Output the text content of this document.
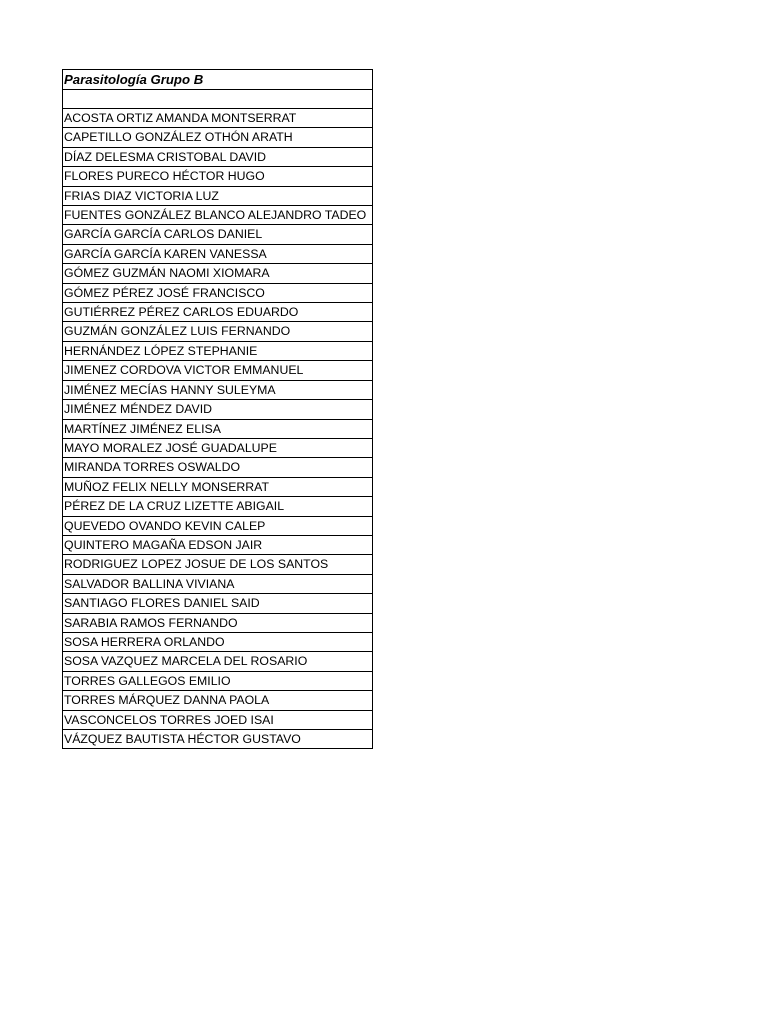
Parasitología Grupo B

ACOSTA ORTIZ AMANDA MONTSERRAT
CAPETILLO GONZÁLEZ OTHÓN ARATH
DÍAZ DELESMA CRISTOBAL DAVID
FLORES PURECO HÉCTOR HUGO
FRIAS DIAZ VICTORIA LUZ
FUENTES GONZÁLEZ BLANCO ALEJANDRO TADEO
GARCÍA GARCÍA CARLOS DANIEL
GARCÍA GARCÍA KAREN VANESSA
GÓMEZ GUZMÁN NAOMI XIOMARA
GÓMEZ PÉREZ JOSÉ FRANCISCO
GUTIÉRREZ PÉREZ CARLOS EDUARDO
GUZMÁN GONZÁLEZ LUIS FERNANDO
HERNÁNDEZ LÓPEZ STEPHANIE
JIMENEZ CORDOVA VICTOR EMMANUEL
JIMÉNEZ MECÍAS HANNY SULEYMA
JIMÉNEZ MÉNDEZ DAVID
MARTÍNEZ JIMÉNEZ ELISA
MAYO MORALEZ JOSÉ GUADALUPE
MIRANDA TORRES OSWALDO
MUÑOZ FELIX NELLY MONSERRAT
PÉREZ DE LA CRUZ LIZETTE ABIGAIL
QUEVEDO OVANDO KEVIN CALEP
QUINTERO MAGAÑA EDSON JAIR
RODRIGUEZ LOPEZ JOSUE DE LOS SANTOS
SALVADOR BALLINA VIVIANA
SANTIAGO FLORES DANIEL SAID
SARABIA RAMOS FERNANDO
SOSA HERRERA ORLANDO
SOSA VAZQUEZ MARCELA DEL ROSARIO
TORRES GALLEGOS EMILIO
TORRES MÁRQUEZ DANNA PAOLA
VASCONCELOS TORRES JOED ISAI
VÁZQUEZ BAUTISTA HÉCTOR GUSTAVO
